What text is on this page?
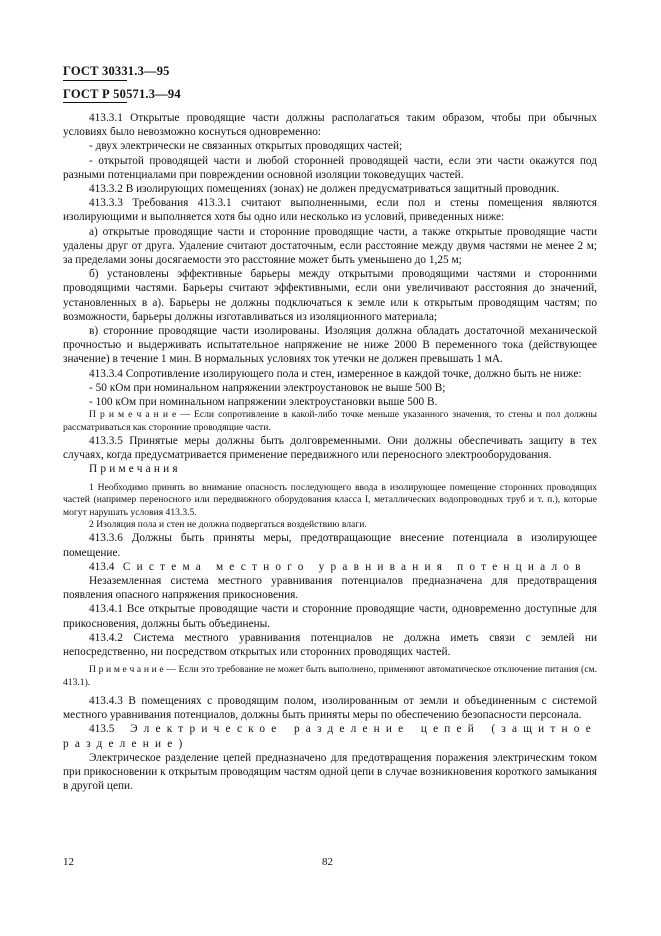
ГОСТ 30331.3—95
ГОСТ Р 50571.3—94

413.3.1 Открытые проводящие части должны располагаться таким образом, чтобы при обычных условиях было невозможно коснуться одновременно:

- двух электрически не связанных открытых проводящих частей;

- открытой проводящей части и любой сторонней проводящей части, если эти части окажутся под разными потенциалами при повреждении основной изоляции токоведущих частей.

413.3.2 В изолирующих помещениях (зонах) не должен предусматриваться защитный проводник.

413.3.3 Требования 413.3.1 считают выполненными, если пол и стены помещения являются изолирующими и выполняется хотя бы одно или несколько из условий, приведенных ниже:

а) открытые проводящие части и сторонние проводящие части, а также открытые проводящие части удалены друг от друга. Удаление считают достаточным, если расстояние между двумя частями не менее 2 м; за пределами зоны досягаемости это расстояние может быть уменьшено до 1,25 м;

б) установлены эффективные барьеры между открытыми проводящими частями и сторонними проводящими частями. Барьеры считают эффективными, если они увеличивают расстояния до значений, установленных в а). Барьеры не должны подключаться к земле или к открытым проводящим частям; по возможности, барьеры должны изготавливаться из изоляционного материала;

в) сторонние проводящие части изолированы. Изоляция должна обладать достаточной механической прочностью и выдерживать испытательное напряжение не ниже 2000 В переменного тока (действующее значение) в течение 1 мин. В нормальных условиях ток утечки не должен превышать 1 мА.

413.3.4 Сопротивление изолирующего пола и стен, измеренное в каждой точке, должно быть не ниже:

- 50 кОм при номинальном напряжении электроустановок не выше 500 В;

- 100 кОм при номинальном напряжении электроустановки выше 500 В.

П р и м е ч а н и е — Если сопротивление в какой-либо точке меньше указанного значения, то стены и пол должны рассматриваться как сторонние проводящие части.

413.3.5 Принятые меры должны быть долговременными. Они должны обеспечивать защиту в тех случаях, когда предусматривается применение передвижного или переносного электрооборудования.

Примечания

1 Необходимо принять во внимание опасность последующего ввода в изолирующее помещение сторонних проводящих частей (например переносного или передвижного оборудования класса I, металлических водопроводных труб и т. п.), которые могут нарушать условия 413.3.5.

2 Изоляция пола и стен не должна подвергаться воздействию влаги.

413.3.6 Должны быть приняты меры, предотвращающие внесение потенциала в изолирующее помещение.

413.4 Система местного уравнивания потенциалов

Незаземленная система местного уравнивания потенциалов предназначена для предотвращения появления опасного напряжения прикосновения.

413.4.1 Все открытые проводящие части и сторонние проводящие части, одновременно доступные для прикосновения, должны быть объединены.

413.4.2 Система местного уравнивания потенциалов не должна иметь связи с землей ни непосредственно, ни посредством открытых или сторонних проводящих частей.

П р и м е ч а н и е — Если это требование не может быть выполнено, применяют автоматическое отключение питания (см. 413.1).

413.4.3 В помещениях с проводящим полом, изолированным от земли и объединенным с системой местного уравнивания потенциалов, должны быть приняты меры по обеспечению безопасности персонала.

413.5 Электрическое разделение цепей (защитное разделение)

Электрическое разделение цепей предназначено для предотвращения поражения электрическим током при прикосновении к открытым проводящим частям одной цепи в случае возникновения короткого замыкания в другой цепи.

12	82
